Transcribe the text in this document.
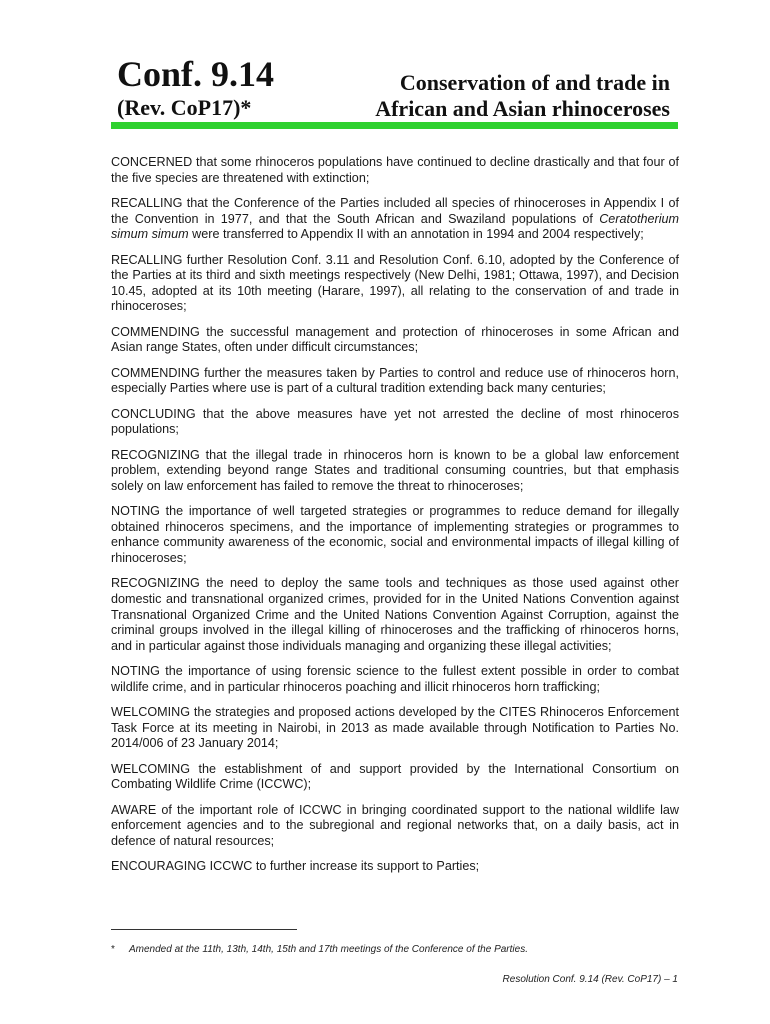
Conf. 9.14
(Rev. CoP17)*
Conservation of and trade in
African and Asian rhinoceroses

CONCERNED that some rhinoceros populations have continued to decline drastically and that four of the five species are threatened with extinction;

RECALLING that the Conference of the Parties included all species of rhinoceroses in Appendix I of the Convention in 1977, and that the South African and Swaziland populations of Ceratotherium simum simum were transferred to Appendix II with an annotation in 1994 and 2004 respectively;

RECALLING further Resolution Conf. 3.11 and Resolution Conf. 6.10, adopted by the Conference of the Parties at its third and sixth meetings respectively (New Delhi, 1981; Ottawa, 1997), and Decision 10.45, adopted at its 10th meeting (Harare, 1997), all relating to the conservation of and trade in rhinoceroses;

COMMENDING the successful management and protection of rhinoceroses in some African and Asian range States, often under difficult circumstances;

COMMENDING further the measures taken by Parties to control and reduce use of rhinoceros horn, especially Parties where use is part of a cultural tradition extending back many centuries;

CONCLUDING that the above measures have yet not arrested the decline of most rhinoceros populations;

RECOGNIZING that the illegal trade in rhinoceros horn is known to be a global law enforcement problem, extending beyond range States and traditional consuming countries, but that emphasis solely on law enforcement has failed to remove the threat to rhinoceroses;

NOTING the importance of well targeted strategies or programmes to reduce demand for illegally obtained rhinoceros specimens, and the importance of implementing strategies or programmes to enhance community awareness of the economic, social and environmental impacts of illegal killing of rhinoceroses;

RECOGNIZING the need to deploy the same tools and techniques as those used against other domestic and transnational organized crimes, provided for in the United Nations Convention against Transnational Organized Crime and the United Nations Convention Against Corruption, against the criminal groups involved in the illegal killing of rhinoceroses and the trafficking of rhinoceros horns, and in particular against those individuals managing and organizing these illegal activities;

NOTING the importance of using forensic science to the fullest extent possible in order to combat wildlife crime, and in particular rhinoceros poaching and illicit rhinoceros horn trafficking;

WELCOMING the strategies and proposed actions developed by the CITES Rhinoceros Enforcement Task Force at its meeting in Nairobi, in 2013 as made available through Notification to Parties No. 2014/006 of 23 January 2014;

WELCOMING the establishment of and support provided by the International Consortium on Combating Wildlife Crime (ICCWC);

AWARE of the important role of ICCWC in bringing coordinated support to the national wildlife law enforcement agencies and to the subregional and regional networks that, on a daily basis, act in defence of natural resources;

ENCOURAGING ICCWC to further increase its support to Parties;

* Amended at the 11th, 13th, 14th, 15th and 17th meetings of the Conference of the Parties.
Resolution Conf. 9.14 (Rev. CoP17) – 1
